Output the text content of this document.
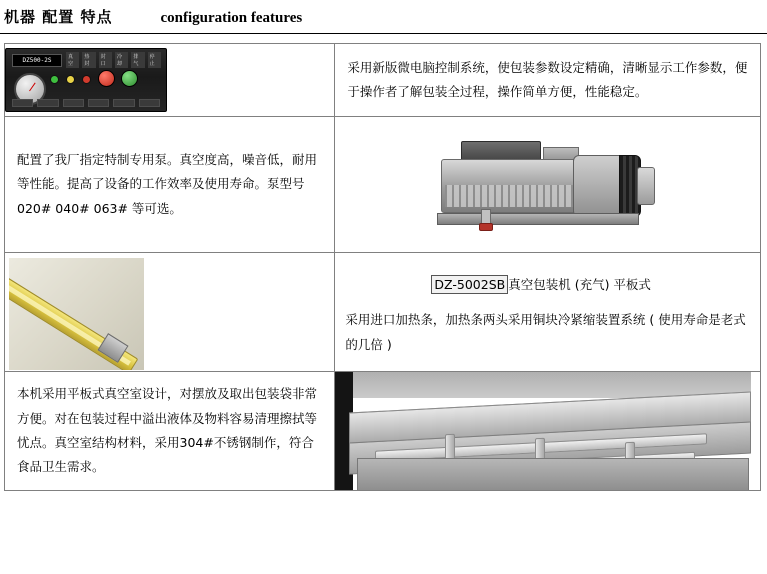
机器 配置 特点	configuration features
DZ500-2S
真空
热封
封口
冷却
排气
停止	采用新版微电脑控制系统，使包装参数设定精确，清晰显示工作参数，便于操作者了解包装全过程，操作简单方便，性能稳定。

配置了我厂指定特制专用泵。真空度高，噪音低，耐用等性能。提高了设备的工作效率及使用寿命。泵型号 020# 040# 063# 等可选。	

	DZ-5002SB 真空包装机 (充气) 平板式
采用进口加热条，加热条两头采用铜块冷紧缩装置系统 ( 使用寿命是老式的几倍 )

本机采用平板式真空室设计，对摆放及取出包装袋非常方便。对在包装过程中溢出液体及物料容易清理擦拭等忧点。真空室结构材料，采用304#不锈钢制作，符合食品卫生需求。	
